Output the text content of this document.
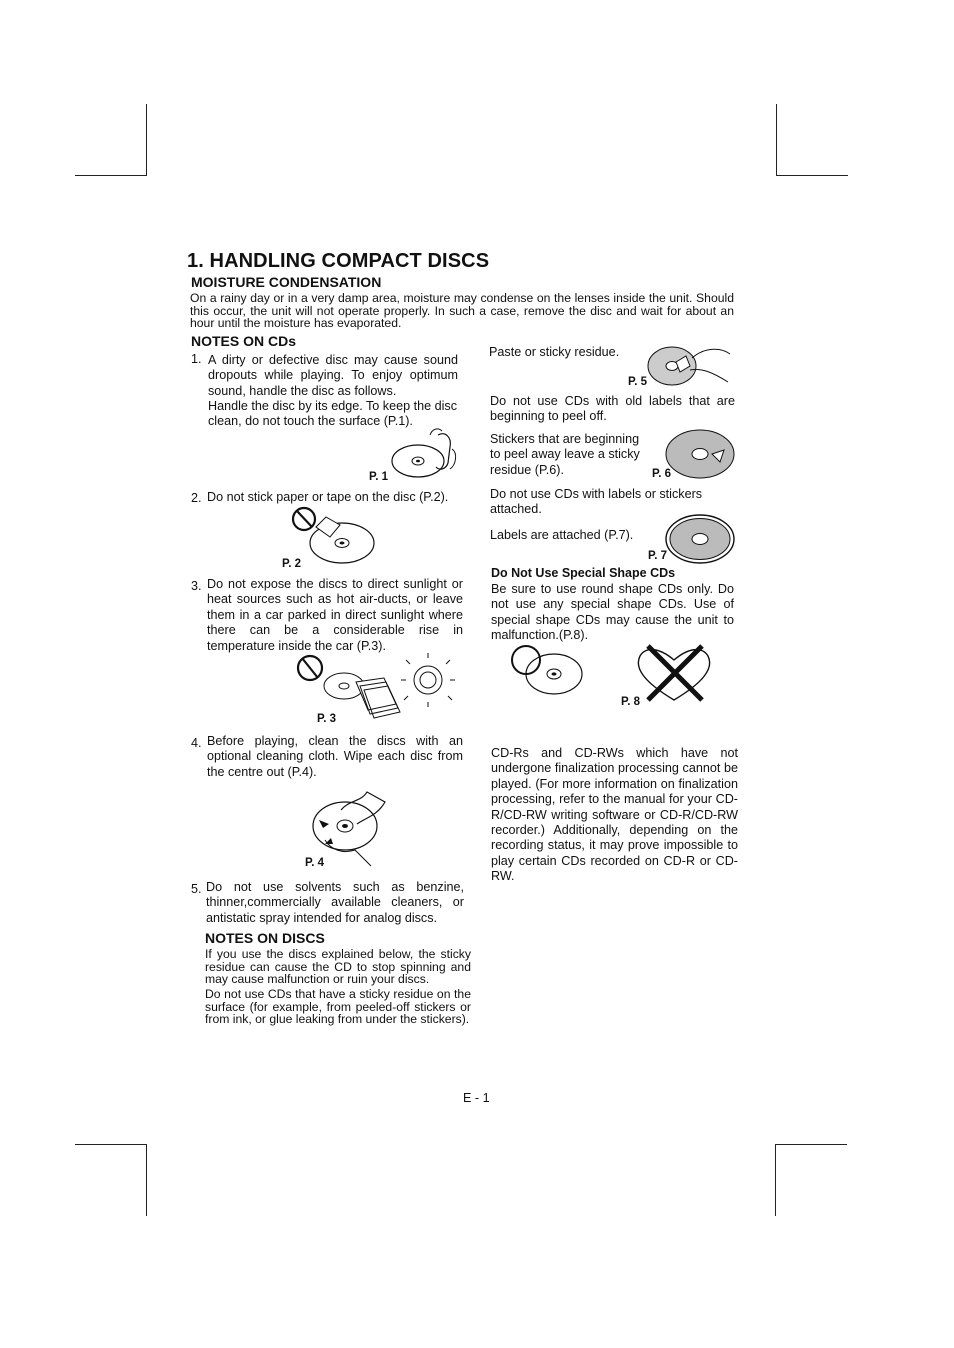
1. HANDLING COMPACT DISCS
MOISTURE CONDENSATION
On a rainy day or in a very damp area, moisture may condense on the lenses inside the unit. Should this occur, the unit will not operate properly. In such a case, remove the disc and wait for about an hour until the moisture has evaporated.
NOTES ON CDs
1. A dirty or defective disc may cause sound dropouts while playing. To enjoy optimum sound, handle the disc as follows.
Handle the disc by its edge. To keep the disc clean, do not touch the surface (P.1).
P. 1
2. Do not stick paper or tape on the disc (P.2).
P. 2
3. Do not expose the discs to direct sunlight or heat sources such as hot air-ducts, or leave them in a car parked in direct sunlight where there can be a considerable rise in temperature inside the car (P.3).
P. 3
4. Before playing, clean the discs with an optional cleaning cloth. Wipe each disc from the centre out (P.4).
P. 4
5. Do not use solvents such as benzine, thinner,commercially available cleaners, or antistatic spray intended for analog discs.
NOTES ON DISCS
If you use the discs explained below, the sticky residue can cause the CD to stop spinning and may cause malfunction or ruin your discs.
Do not use CDs that have a sticky residue on the surface (for example, from peeled-off stickers or from ink, or glue leaking from under the stickers).
Paste or sticky residue.
P. 5
Do not use CDs with old labels that are beginning to peel off.
Stickers that are beginning to peel away leave a sticky residue (P.6).	P. 6
Do not use CDs with labels or stickers attached.
Labels are attached (P.7).
P. 7
Do Not Use Special Shape CDs
Be sure to use round shape CDs only. Do not use any special shape CDs. Use of special shape CDs may cause the unit to malfunction.(P.8).
P. 8
CD-Rs and CD-RWs which have not undergone finalization processing cannot be played. (For more information on finalization processing, refer to the manual for your CD-R/CD-RW writing software or CD-R/CD-RW recorder.) Additionally, depending on the recording status, it may prove impossible to play certain CDs recorded on CD-R or CD-RW.
E - 1
